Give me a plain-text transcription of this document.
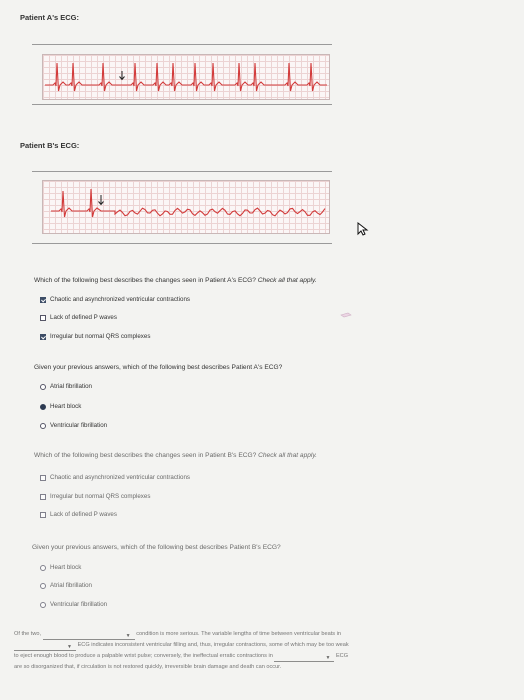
Patient A's ECG:
Patient B's ECG:
Which of the following best describes the changes seen in Patient A's ECG? Check all that apply.
Chaotic and asynchronized ventricular contractions
Lack of defined P waves
Irregular but normal QRS complexes
Given your previous answers, which of the following best describes Patient A's ECG?
Atrial fibrillation
Heart block
Ventricular fibrillation
Which of the following best describes the changes seen in Patient B's ECG? Check all that apply.
Chaotic and asynchronized ventricular contractions
Irregular but normal QRS complexes
Lack of defined P waves
Given your previous answers, which of the following best describes Patient B's ECG?
Heart block
Atrial fibrillation
Ventricular fibrillation
Of the two,	▼ condition is more serious. The variable lengths of time between ventricular beats in
▼ ECG indicates inconsistent ventricular filling and, thus, irregular contractions, some of which may be too weak
to eject enough blood to produce a palpable wrist pulse; conversely, the ineffectual erratic contractions in	▼ ECG
are so disorganized that, if circulation is not restored quickly, irreversible brain damage and death can occur.
